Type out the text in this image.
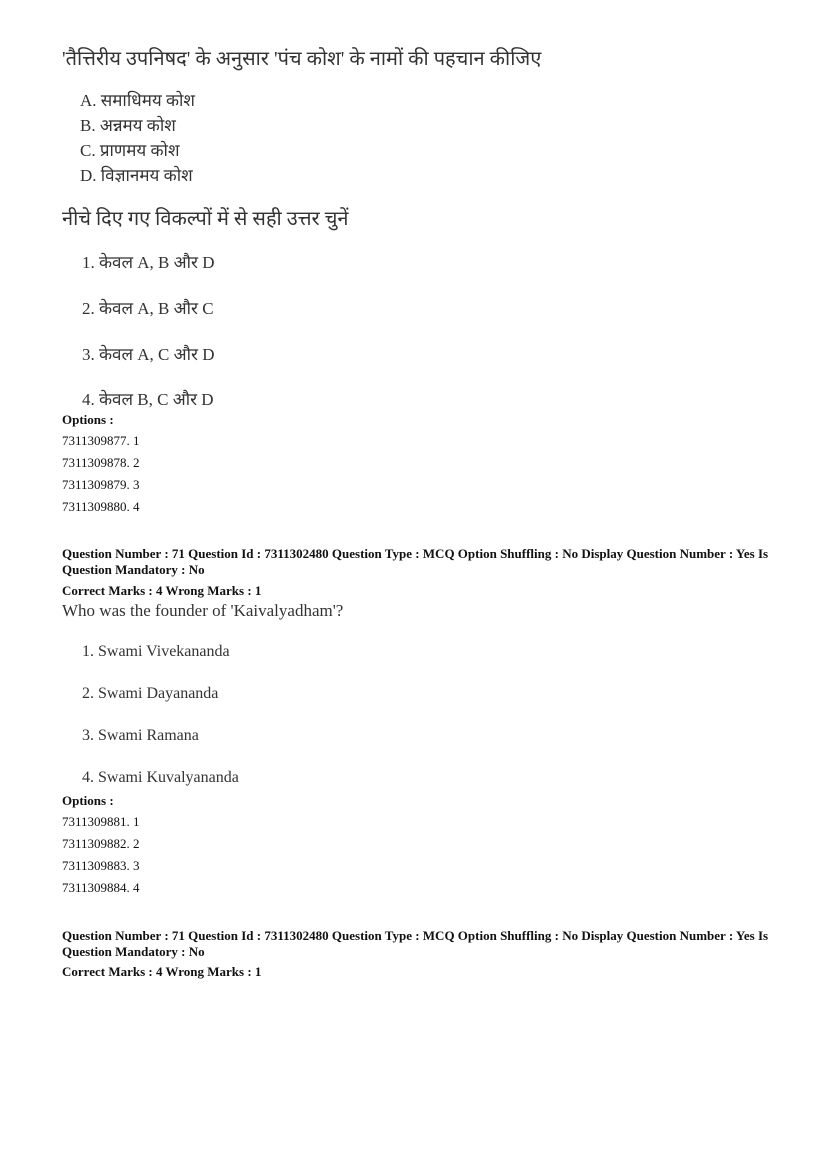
'तैत्तिरीय उपनिषद' के अनुसार 'पंच कोश' के नामों की पहचान कीजिए
A. समाधिमय कोश
B. अन्नमय कोश
C. प्राणमय कोश
D. विज्ञानमय कोश
नीचे दिए गए विकल्पों में से सही उत्तर चुनें
1. केवल A, B और D
2. केवल A, B और C
3. केवल A, C और D
4. केवल B, C और D
Options :
7311309877. 1
7311309878. 2
7311309879. 3
7311309880. 4
Question Number : 71 Question Id : 7311302480 Question Type : MCQ Option Shuffling : No Display Question Number : Yes Is Question Mandatory : No
Correct Marks : 4 Wrong Marks : 1
Who was the founder of 'Kaivalyadham'?
1. Swami Vivekananda
2. Swami Dayananda
3. Swami Ramana
4. Swami Kuvalyananda
Options :
7311309881. 1
7311309882. 2
7311309883. 3
7311309884. 4
Question Number : 71 Question Id : 7311302480 Question Type : MCQ Option Shuffling : No Display Question Number : Yes Is Question Mandatory : No
Correct Marks : 4 Wrong Marks : 1
